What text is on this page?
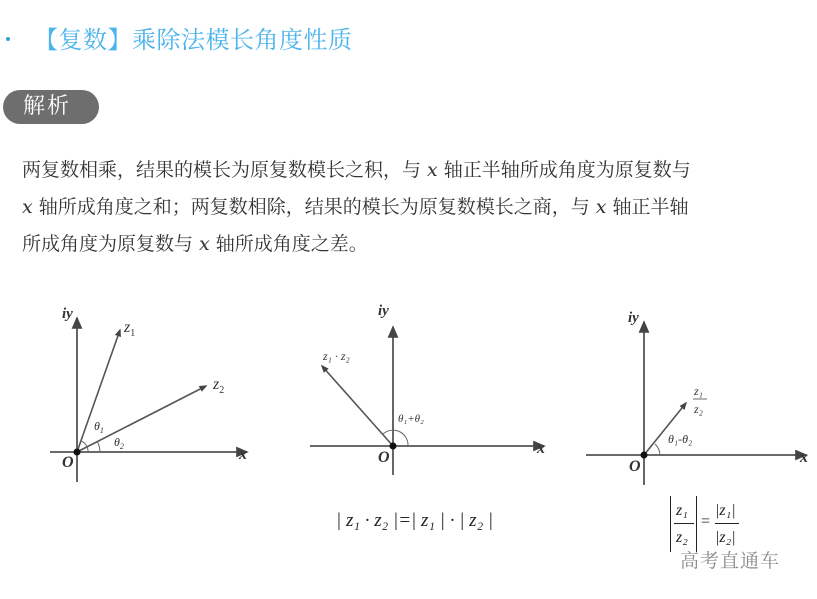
【复数】乘除法模长角度性质
解析

两复数相乘，结果的模长为原复数模长之积，与 x 轴正半轴所成角度为原复数与

x 轴所成角度之和；两复数相除，结果的模长为原复数模长之商，与 x 轴正半轴

所成角度为原复数与 x 轴所成角度之差。

iy
x
O
$z_1$
$z_2$
$\theta_1$
$\theta_2$
iy
x
O
z₁ · z₂
θ₁+θ₂
iy
x
O
z₁
z₂
θ₁-θ₂
| z₁ · z₂ |=| z₁ | · | z₂ |	z₁
z₂
=
|z₁|
|z₂|
高考直通车
